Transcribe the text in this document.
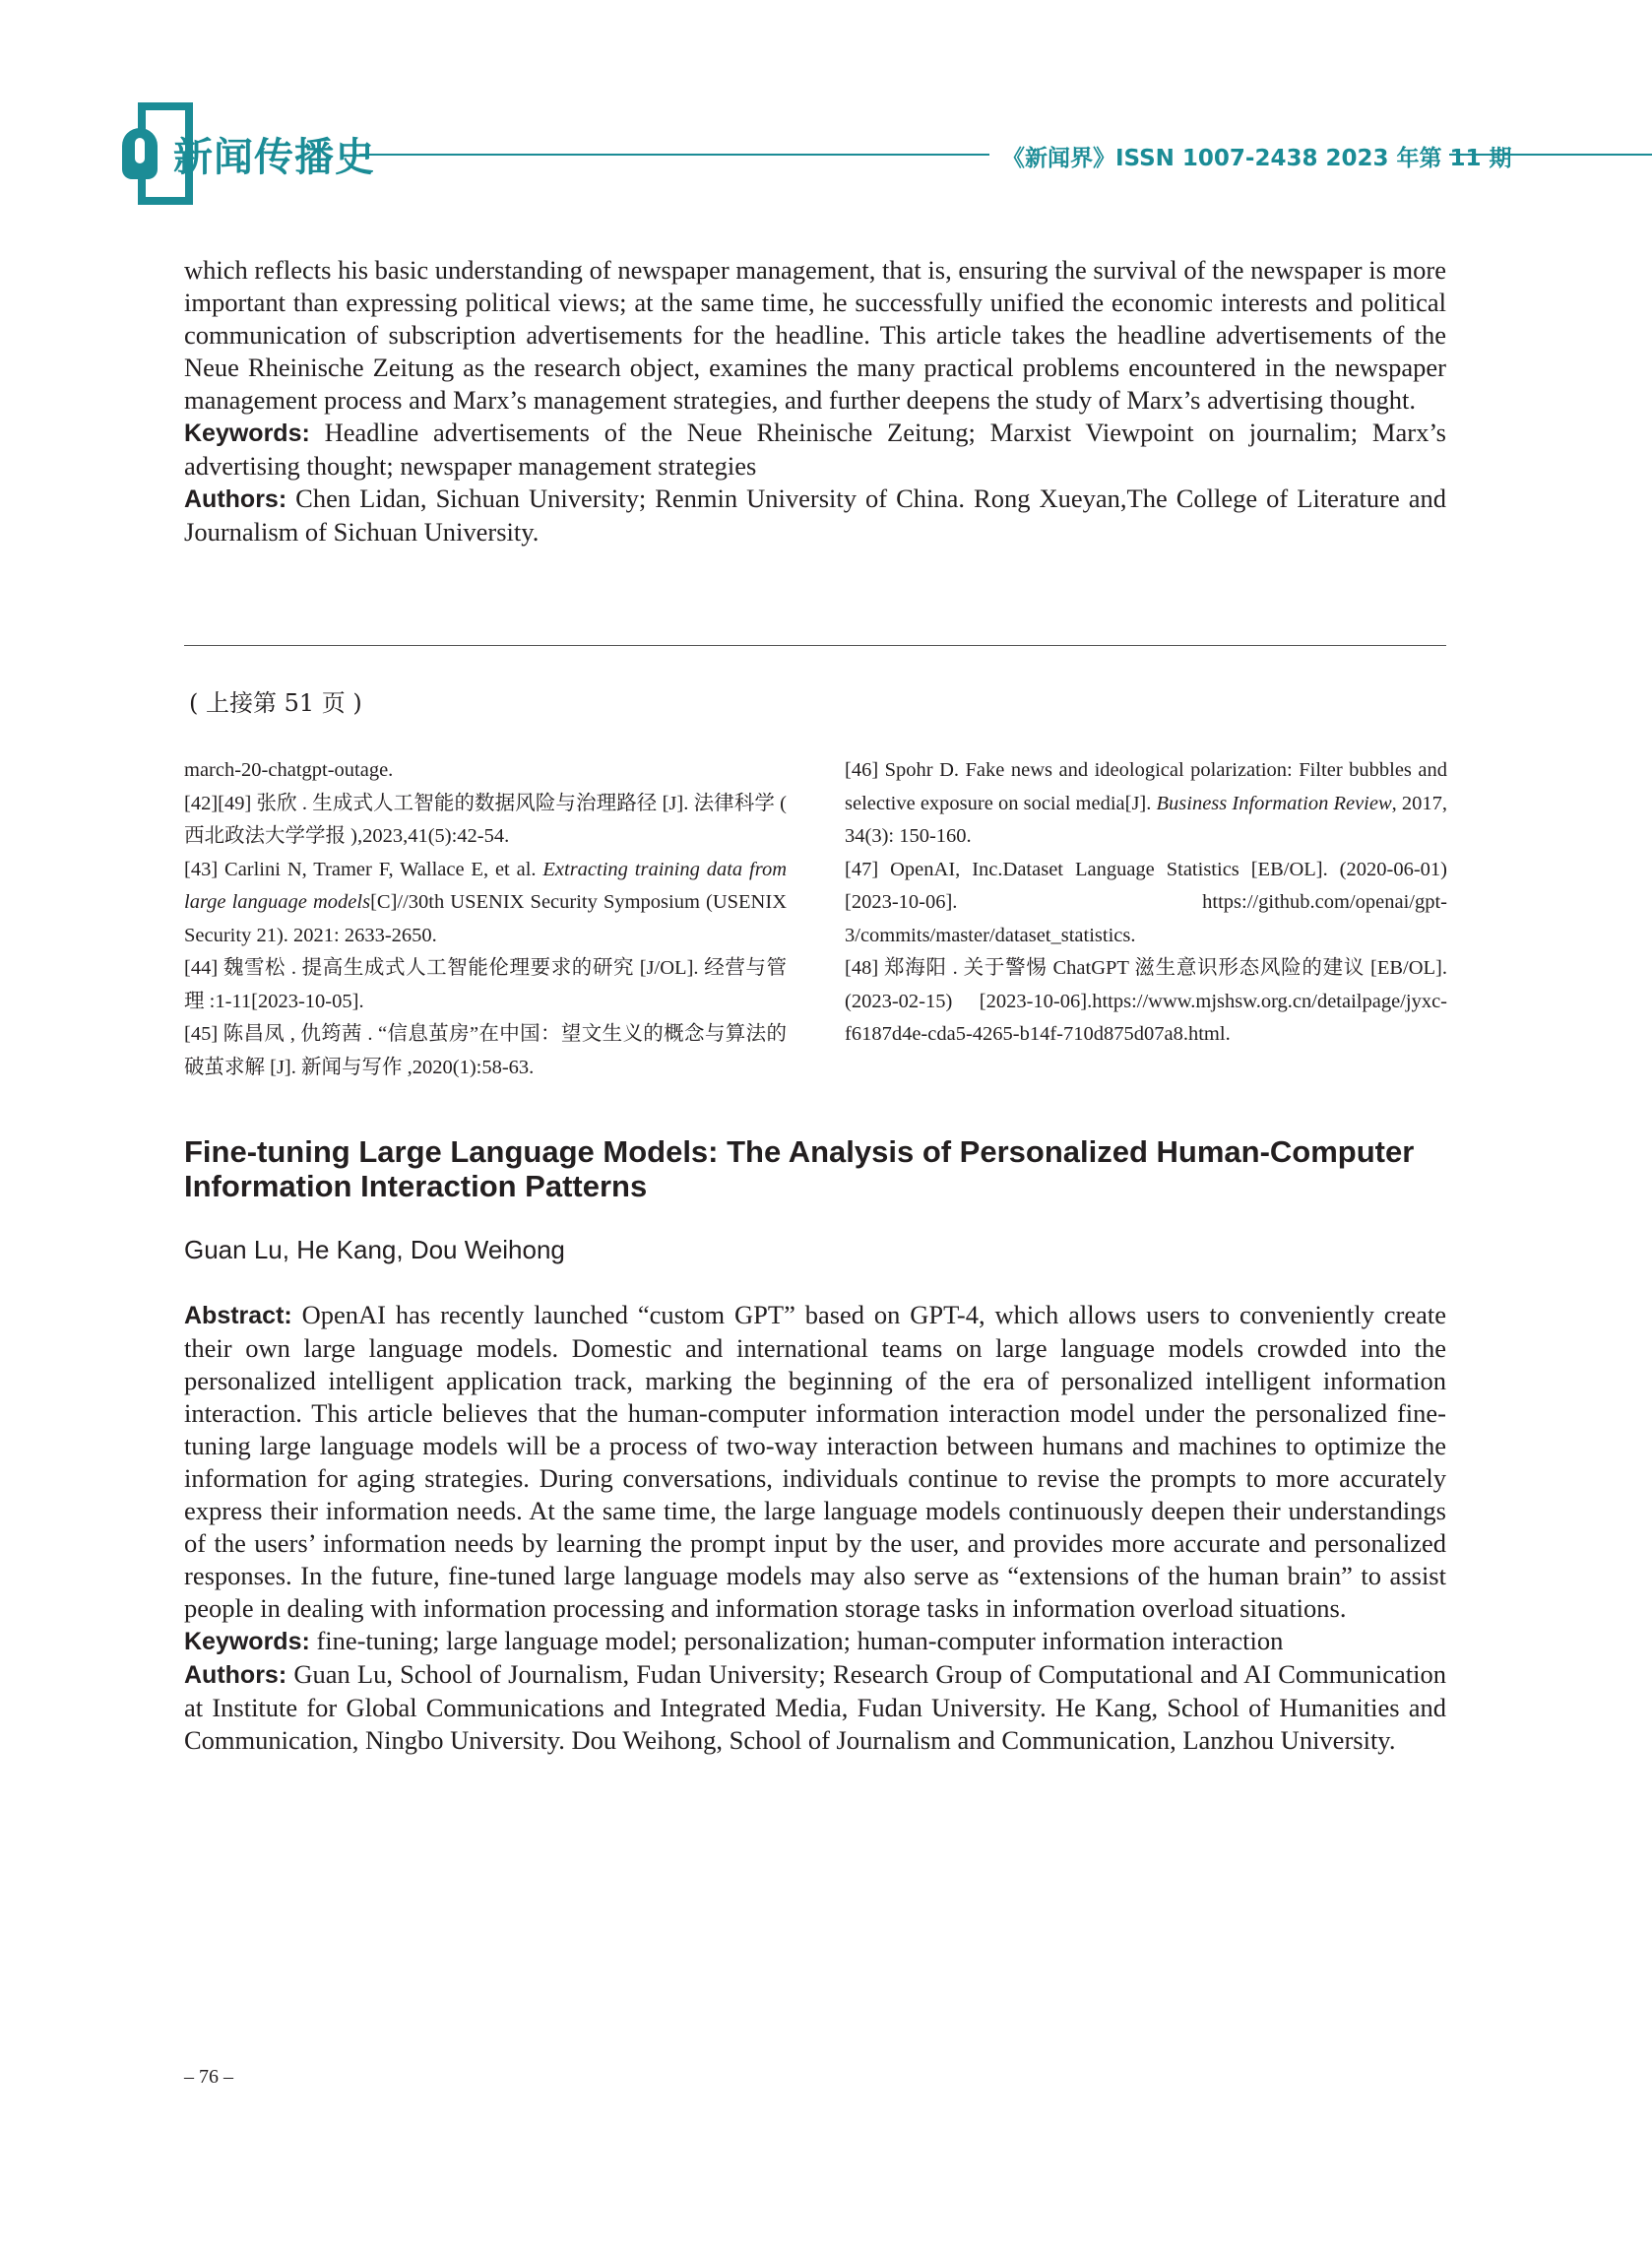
新闻传播史	《新闻界》ISSN 1007-2438 2023 年第 11 期

which reflects his basic understanding of newspaper management, that is, ensuring the survival of the newspaper is more important than expressing political views; at the same time, he successfully unified the economic interests and political communication of subscription advertisements for the headline. This article takes the headline advertisements of the Neue Rheinische Zeitung as the research object, examines the many practical problems encountered in the newspaper management process and Marx’s management strategies, and further deepens the study of Marx’s advertising thought.

Keywords: Headline advertisements of the Neue Rheinische Zeitung; Marxist Viewpoint on journalim; Marx’s advertising thought; newspaper management strategies

Authors: Chen Lidan, Sichuan University; Renmin University of China. Rong Xueyan,The College of Literature and Journalism of Sichuan University.

( 上接第 51 页 )

march-20-chatgpt-outage.

[42][49] 张欣 . 生成式人工智能的数据风险与治理路径 [J]. 法律科学 ( 西北政法大学学报 ),2023,41(5):42-54.

[43] Carlini N, Tramer F, Wallace E, et al. Extracting training data from large language models[C]//30th USENIX Security Symposium (USENIX Security 21). 2021: 2633-2650.

[44] 魏雪松 . 提高生成式人工智能伦理要求的研究 [J/OL]. 经营与管理 :1-11[2023-10-05].

[45] 陈昌凤 , 仇筠茜 . “信息茧房”在中国：望文生义的概念与算法的破茧求解 [J]. 新闻与写作 ,2020(1):58-63.

[46] Spohr D. Fake news and ideological polarization: Filter bubbles and selective exposure on social media[J]. Business Information Review, 2017, 34(3): 150-160.

[47] OpenAI, Inc.Dataset Language Statistics [EB/OL]. (2020-06-01) [2023-10-06]. https://github.com/openai/gpt-3/commits/master/dataset_statistics.

[48] 郑海阳 . 关于警惕 ChatGPT 滋生意识形态风险的建议 [EB/OL]. (2023-02-15) [2023-10-06].https://www.mjshsw.org.cn/detailpage/jyxc-f6187d4e-cda5-4265-b14f-710d875d07a8.html.

Fine-tuning Large Language Models: The Analysis of Personalized Human-Computer Information Interaction Patterns
Guan Lu, He Kang, Dou Weihong

Abstract: OpenAI has recently launched “custom GPT” based on GPT-4, which allows users to conveniently create their own large language models. Domestic and international teams on large language models crowded into the personalized intelligent application track, marking the beginning of the era of personalized intelligent information interaction. This article believes that the human-computer information interaction model under the personalized fine-tuning large language models will be a process of two-way interaction between humans and machines to optimize the information for aging strategies. During conversations, individuals continue to revise the prompts to more accurately express their information needs. At the same time, the large language models continuously deepen their understandings of the users’ information needs by learning the prompt input by the user, and provides more accurate and personalized responses. In the future, fine-tuned large language models may also serve as “extensions of the human brain” to assist people in dealing with information processing and information storage tasks in information overload situations.

Keywords: fine-tuning; large language model; personalization; human-computer information interaction

Authors: Guan Lu, School of Journalism, Fudan University; Research Group of Computational and AI Communication at Institute for Global Communications and Integrated Media, Fudan University. He Kang, School of Humanities and Communication, Ningbo University. Dou Weihong, School of Journalism and Communication, Lanzhou University.

– 76 –
